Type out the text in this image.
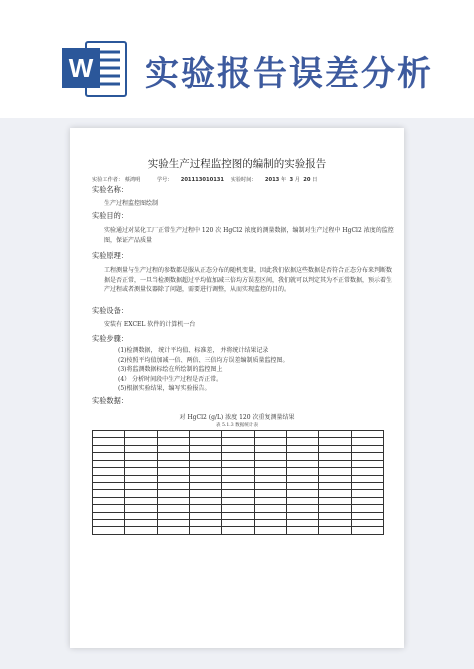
W 实验报告误差分析
实验生产过程监控图的编制的实验报告
实验工作者： 蔡鸿明	学号： 201113010131 实验时间： 2013 年 3 月 20 日
实验名称：
生产过程监控图绘制
实验目的：
实验通过对某化工厂正常生产过程中 120 次 HgCl2 浓度的测量数据，编制对生产过程中 HgCl2 浓度的监控图，保证产品质量
实验原理：
工程测量与生产过程的参数都是服从正态分布的随机变量，因此我们依据这些数据是否符合正态分布来判断数据是否正常，一旦当检测数据超过平均值加减三倍均方误差区间，我们就可以判定其为不正常数据，预示着生产过程或者测量仪器除了问题，需要进行调整，从而实现监控的目的。
实验设备：
安装有 EXCEL 软件的计算机一台
实验步骤：
(1)检测数据， 统计平均值、标准差， 并将统计结果记录
(2)按照平均值加减一倍、两倍、三倍均方误差编制质量监控图。
(3)将监测数据标绘在所绘制的监控图上
(4） 分析时间段中生产过程是否正常。
(5)根据实验结果，编写实验报告。
实验数据：
对 HgCl2 (g/L) 浓度 120 次重复测量结果
表 5.1.3 数据统计表
